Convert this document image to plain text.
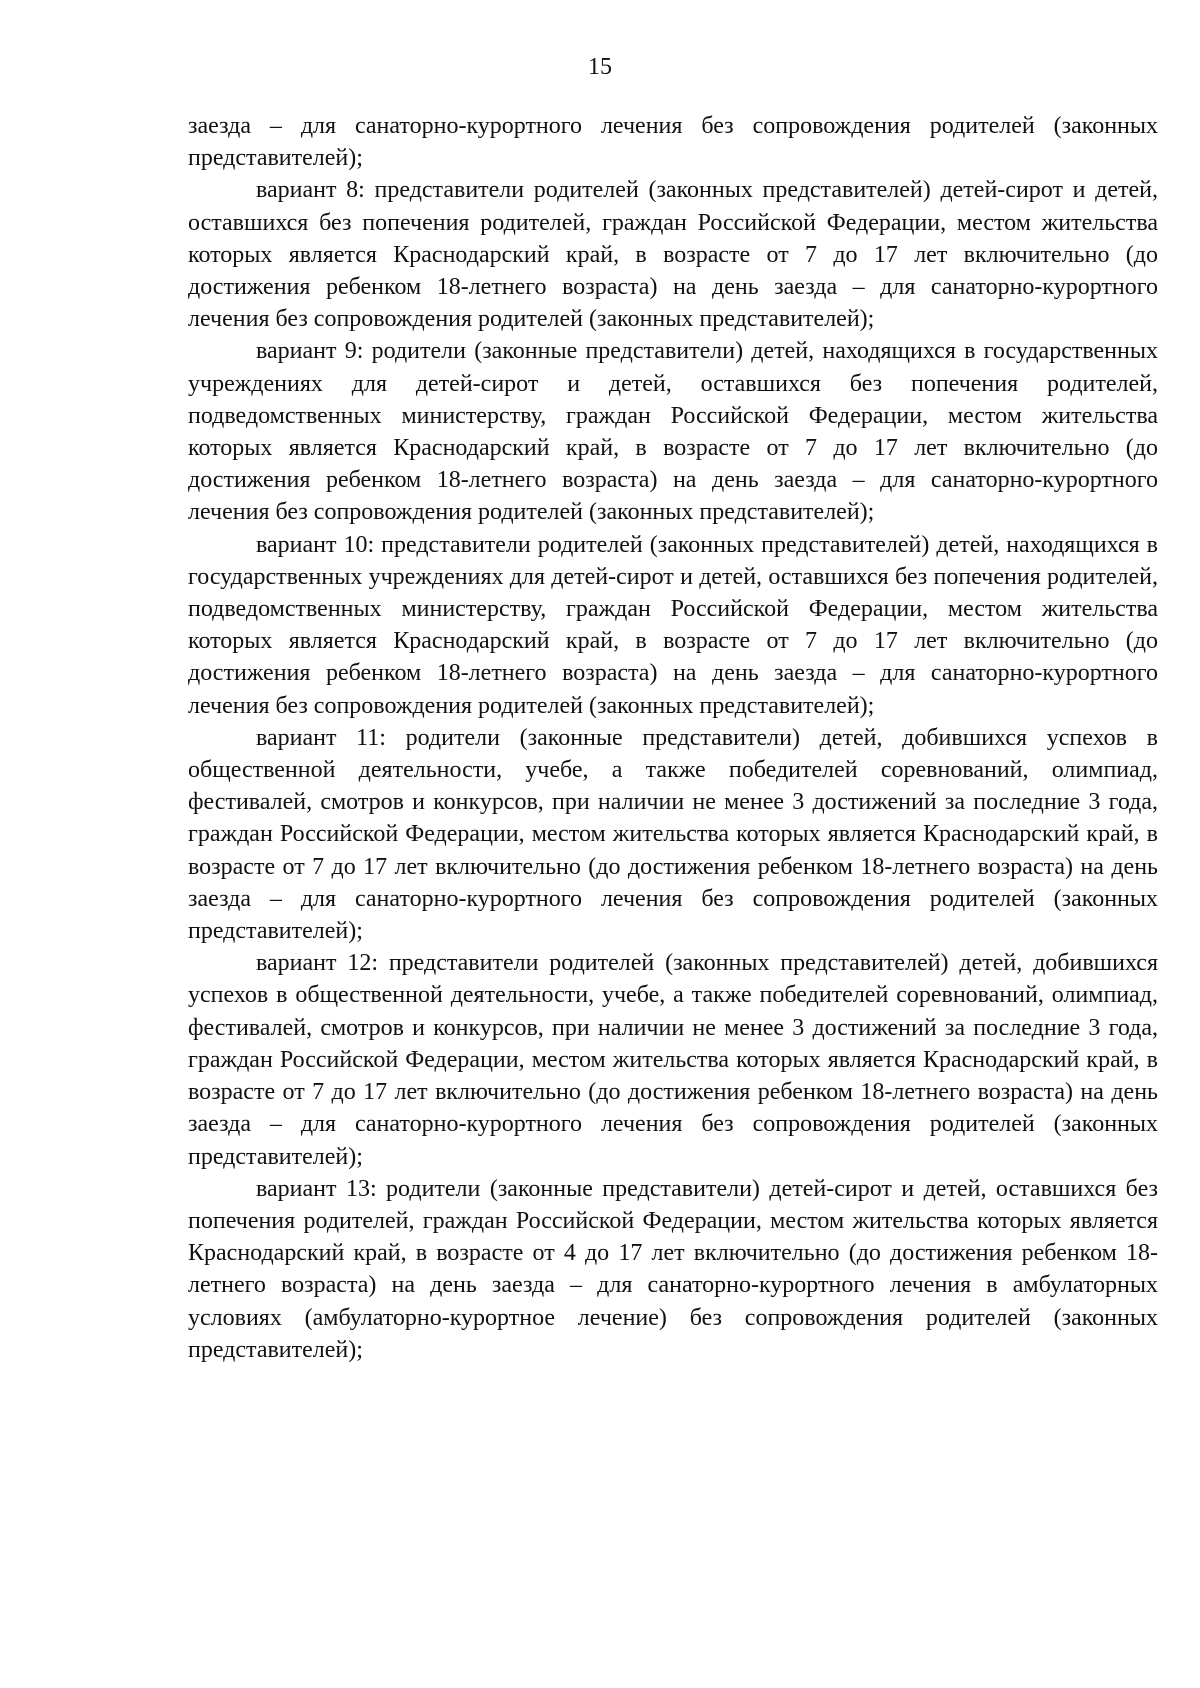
15

заезда – для санаторно-курортного лечения без сопровождения родителей (законных представителей);

вариант 8: представители родителей (законных представителей) детей-сирот и детей, оставшихся без попечения родителей, граждан Российской Федерации, местом жительства которых является Краснодарский край, в возрасте от 7 до 17 лет включительно (до достижения ребенком 18-летнего возраста) на день заезда – для санаторно-курортного лечения без сопровождения родителей (законных представителей);

вариант 9: родители (законные представители) детей, находящихся в государственных учреждениях для детей-сирот и детей, оставшихся без попечения родителей, подведомственных министерству, граждан Российской Федерации, местом жительства которых является Краснодарский край, в возрасте от 7 до 17 лет включительно (до достижения ребенком 18-летнего возраста) на день заезда – для санаторно-курортного лечения без сопровождения родителей (законных представителей);

вариант 10: представители родителей (законных представителей) детей, находящихся в государственных учреждениях для детей-сирот и детей, оставшихся без попечения родителей, подведомственных министерству, граждан Российской Федерации, местом жительства которых является Краснодарский край, в возрасте от 7 до 17 лет включительно (до достижения ребенком 18-летнего возраста) на день заезда – для санаторно-курортного лечения без сопровождения родителей (законных представителей);

вариант 11: родители (законные представители) детей, добившихся успехов в общественной деятельности, учебе, а также победителей соревнований, олимпиад, фестивалей, смотров и конкурсов, при наличии не менее 3 достижений за последние 3 года, граждан Российской Федерации, местом жительства которых является Краснодарский край, в возрасте от 7 до 17 лет включительно (до достижения ребенком 18-летнего возраста) на день заезда – для санаторно-курортного лечения без сопровождения родителей (законных представителей);

вариант 12: представители родителей (законных представителей) детей, добившихся успехов в общественной деятельности, учебе, а также победителей соревнований, олимпиад, фестивалей, смотров и конкурсов, при наличии не менее 3 достижений за последние 3 года, граждан Российской Федерации, местом жительства которых является Краснодарский край, в возрасте от 7 до 17 лет включительно (до достижения ребенком 18-летнего возраста) на день заезда – для санаторно-курортного лечения без сопровождения родителей (законных представителей);

вариант 13: родители (законные представители) детей-сирот и детей, оставшихся без попечения родителей, граждан Российской Федерации, местом жительства которых является Краснодарский край, в возрасте от 4 до 17 лет включительно (до достижения ребенком 18-летнего возраста) на день заезда – для санаторно-курортного лечения в амбулаторных условиях (амбулаторно-курортное лечение) без сопровождения родителей (законных представителей);
